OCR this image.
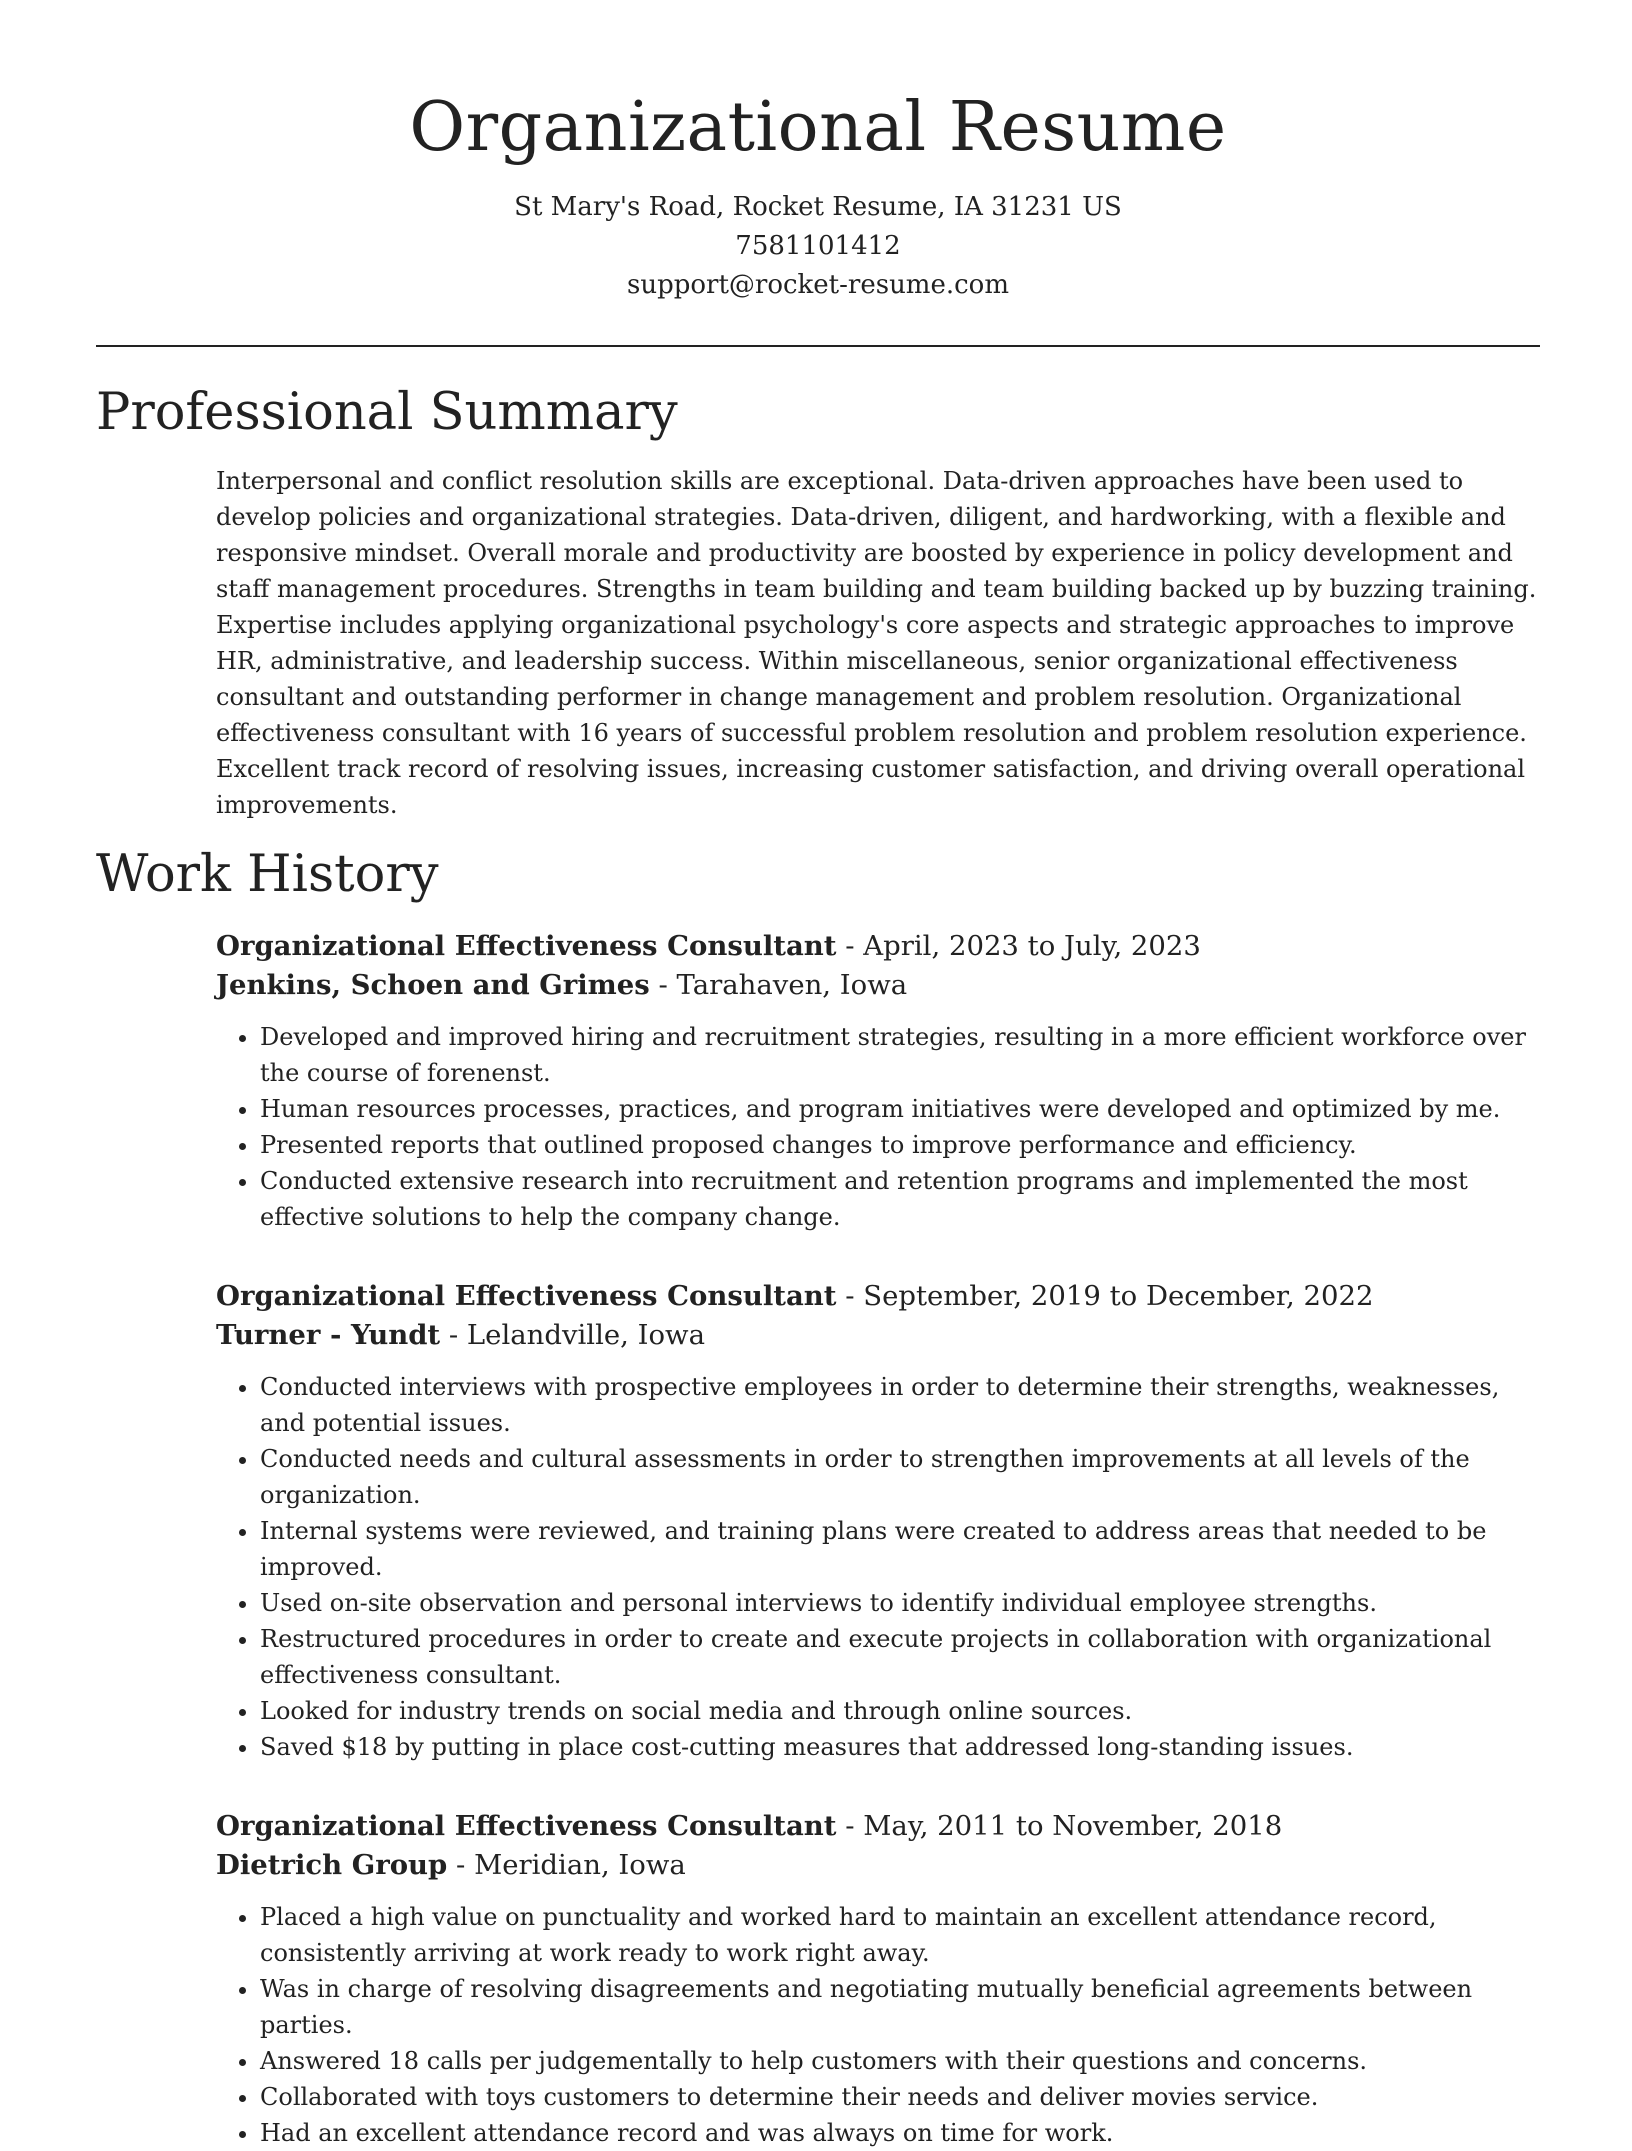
Organizational Resume

St Mary's Road, Rocket Resume, IA 31231 US

7581101412

support@rocket-resume.com

Professional Summary

Interpersonal and conflict resolution skills are exceptional. Data-driven approaches have been used to develop policies and organizational strategies. Data-driven, diligent, and hardworking, with a flexible and responsive mindset. Overall morale and productivity are boosted by experience in policy development and staff management procedures. Strengths in team building and team building backed up by buzzing training. Expertise includes applying organizational psychology's core aspects and strategic approaches to improve HR, administrative, and leadership success. Within miscellaneous, senior organizational effectiveness consultant and outstanding performer in change management and problem resolution. Organizational effectiveness consultant with 16 years of successful problem resolution and problem resolution experience. Excellent track record of resolving issues, increasing customer satisfaction, and driving overall operational improvements.

Work History

Organizational Effectiveness Consultant - April, 2023 to July, 2023

Jenkins, Schoen and Grimes - Tarahaven, Iowa

• Developed and improved hiring and recruitment strategies, resulting in a more efficient workforce over the course of forenenst.
• Human resources processes, practices, and program initiatives were developed and optimized by me.
• Presented reports that outlined proposed changes to improve performance and efficiency.
• Conducted extensive research into recruitment and retention programs and implemented the most effective solutions to help the company change.

Organizational Effectiveness Consultant - September, 2019 to December, 2022

Turner - Yundt - Lelandville, Iowa

• Conducted interviews with prospective employees in order to determine their strengths, weaknesses, and potential issues.
• Conducted needs and cultural assessments in order to strengthen improvements at all levels of the organization.
• Internal systems were reviewed, and training plans were created to address areas that needed to be improved.
• Used on-site observation and personal interviews to identify individual employee strengths.
• Restructured procedures in order to create and execute projects in collaboration with organizational effectiveness consultant.
• Looked for industry trends on social media and through online sources.
• Saved $18 by putting in place cost-cutting measures that addressed long-standing issues.

Organizational Effectiveness Consultant - May, 2011 to November, 2018

Dietrich Group - Meridian, Iowa

• Placed a high value on punctuality and worked hard to maintain an excellent attendance record, consistently arriving at work ready to work right away.
• Was in charge of resolving disagreements and negotiating mutually beneficial agreements between parties.
• Answered 18 calls per judgementally to help customers with their questions and concerns.
• Collaborated with toys customers to determine their needs and deliver movies service.
• Had an excellent attendance record and was always on time for work.
